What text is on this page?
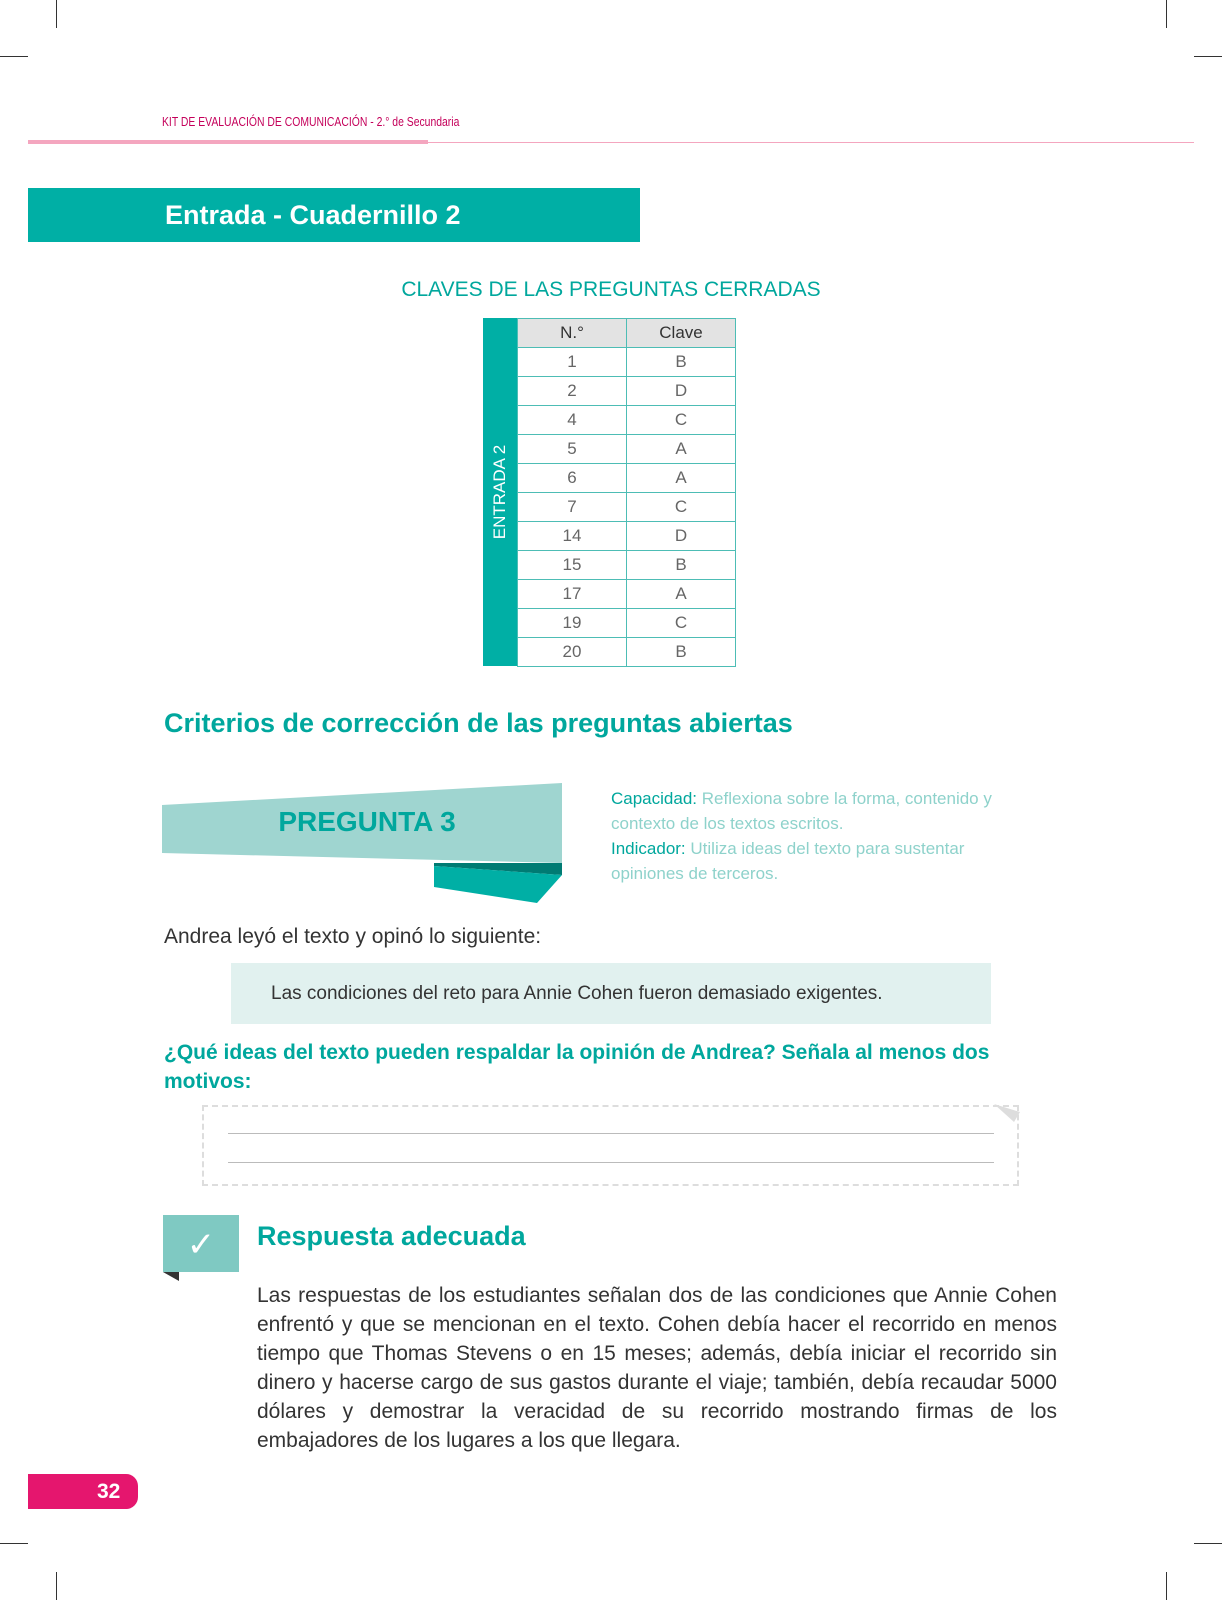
KIT DE EVALUACIÓN DE COMUNICACIÓN - 2.° de Secundaria
Entrada - Cuadernillo 2
CLAVES DE LAS PREGUNTAS CERRADAS
ENTRADA 2
N.°	Clave
1	B
2	D
4	C
5	A
6	A
7	C
14	D
15	B
17	A
19	C
20	B
Criterios de corrección de las preguntas abiertas
PREGUNTA 3
Capacidad: Reflexiona sobre la forma, contenido y contexto de los textos escritos.
Indicador: Utiliza ideas del texto para sustentar opiniones de terceros.
Andrea leyó el texto y opinó lo siguiente:
Las condiciones del reto para Annie Cohen fueron demasiado exigentes.
¿Qué ideas del texto pueden respaldar la opinión de Andrea? Señala al menos dos motivos:
✓	Respuesta adecuada
Las respuestas de los estudiantes señalan dos de las condiciones que Annie Cohen enfrentó y que se mencionan en el texto. Cohen debía hacer el recorrido en menos tiempo que Thomas Stevens o en 15 meses; además, debía iniciar el recorrido sin dinero y hacerse cargo de sus gastos durante el viaje; también, debía recaudar 5000 dólares y demostrar la veracidad de su recorrido mostrando firmas de los embajadores de los lugares a los que llegara.
32
